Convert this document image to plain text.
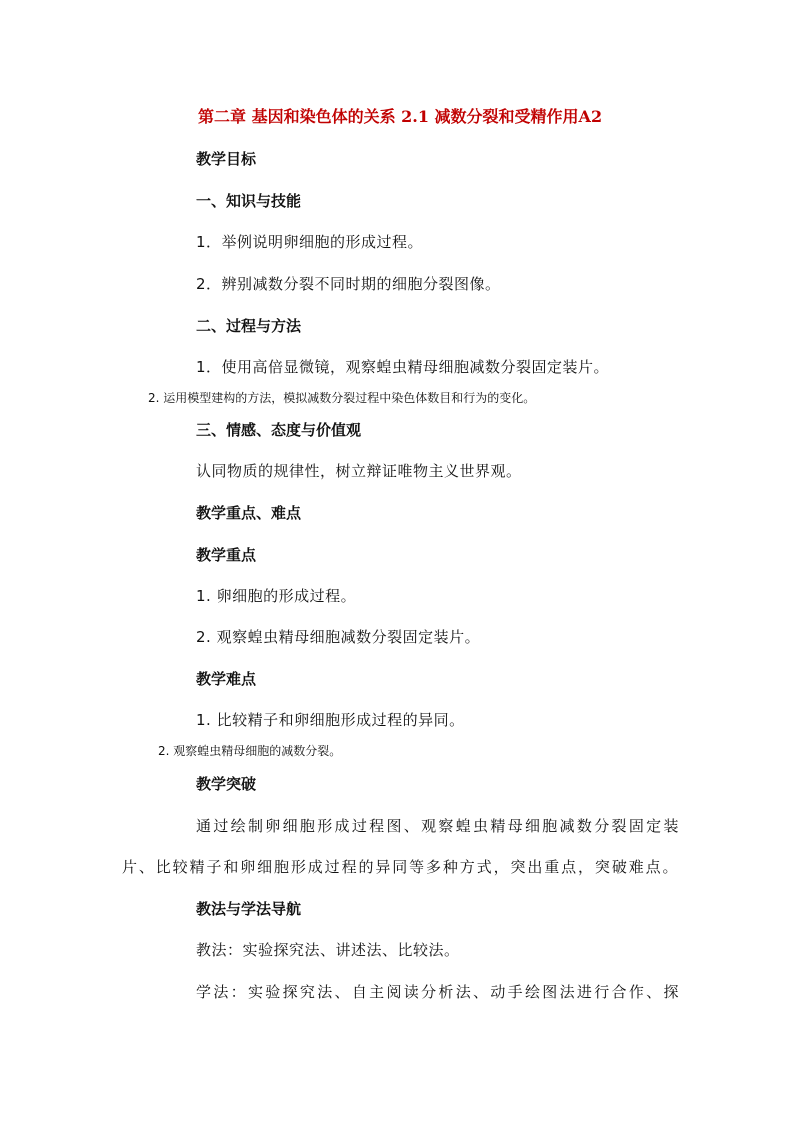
第二章 基因和染色体的关系 2.1 减数分裂和受精作用A2
教学目标
一、知识与技能
1．举例说明卵细胞的形成过程。
2．辨别减数分裂不同时期的细胞分裂图像。
二、过程与方法
1．使用高倍显微镜，观察蝗虫精母细胞减数分裂固定装片。
2. 运用模型建构的方法，模拟减数分裂过程中染色体数目和行为的变化。
三、情感、态度与价值观
认同物质的规律性，树立辩证唯物主义世界观。
教学重点、难点
教学重点
1. 卵细胞的形成过程。
2. 观察蝗虫精母细胞减数分裂固定装片。
教学难点
1. 比较精子和卵细胞形成过程的异同。
2. 观察蝗虫精母细胞的减数分裂。
教学突破
通过绘制卵细胞形成过程图、观察蝗虫精母细胞减数分裂固定装
片、比较精子和卵细胞形成过程的异同等多种方式，突出重点，突破难点。
教法与学法导航
教法：实验探究法、讲述法、比较法。
学法：实验探究法、自主阅读分析法、动手绘图法进行合作、探
